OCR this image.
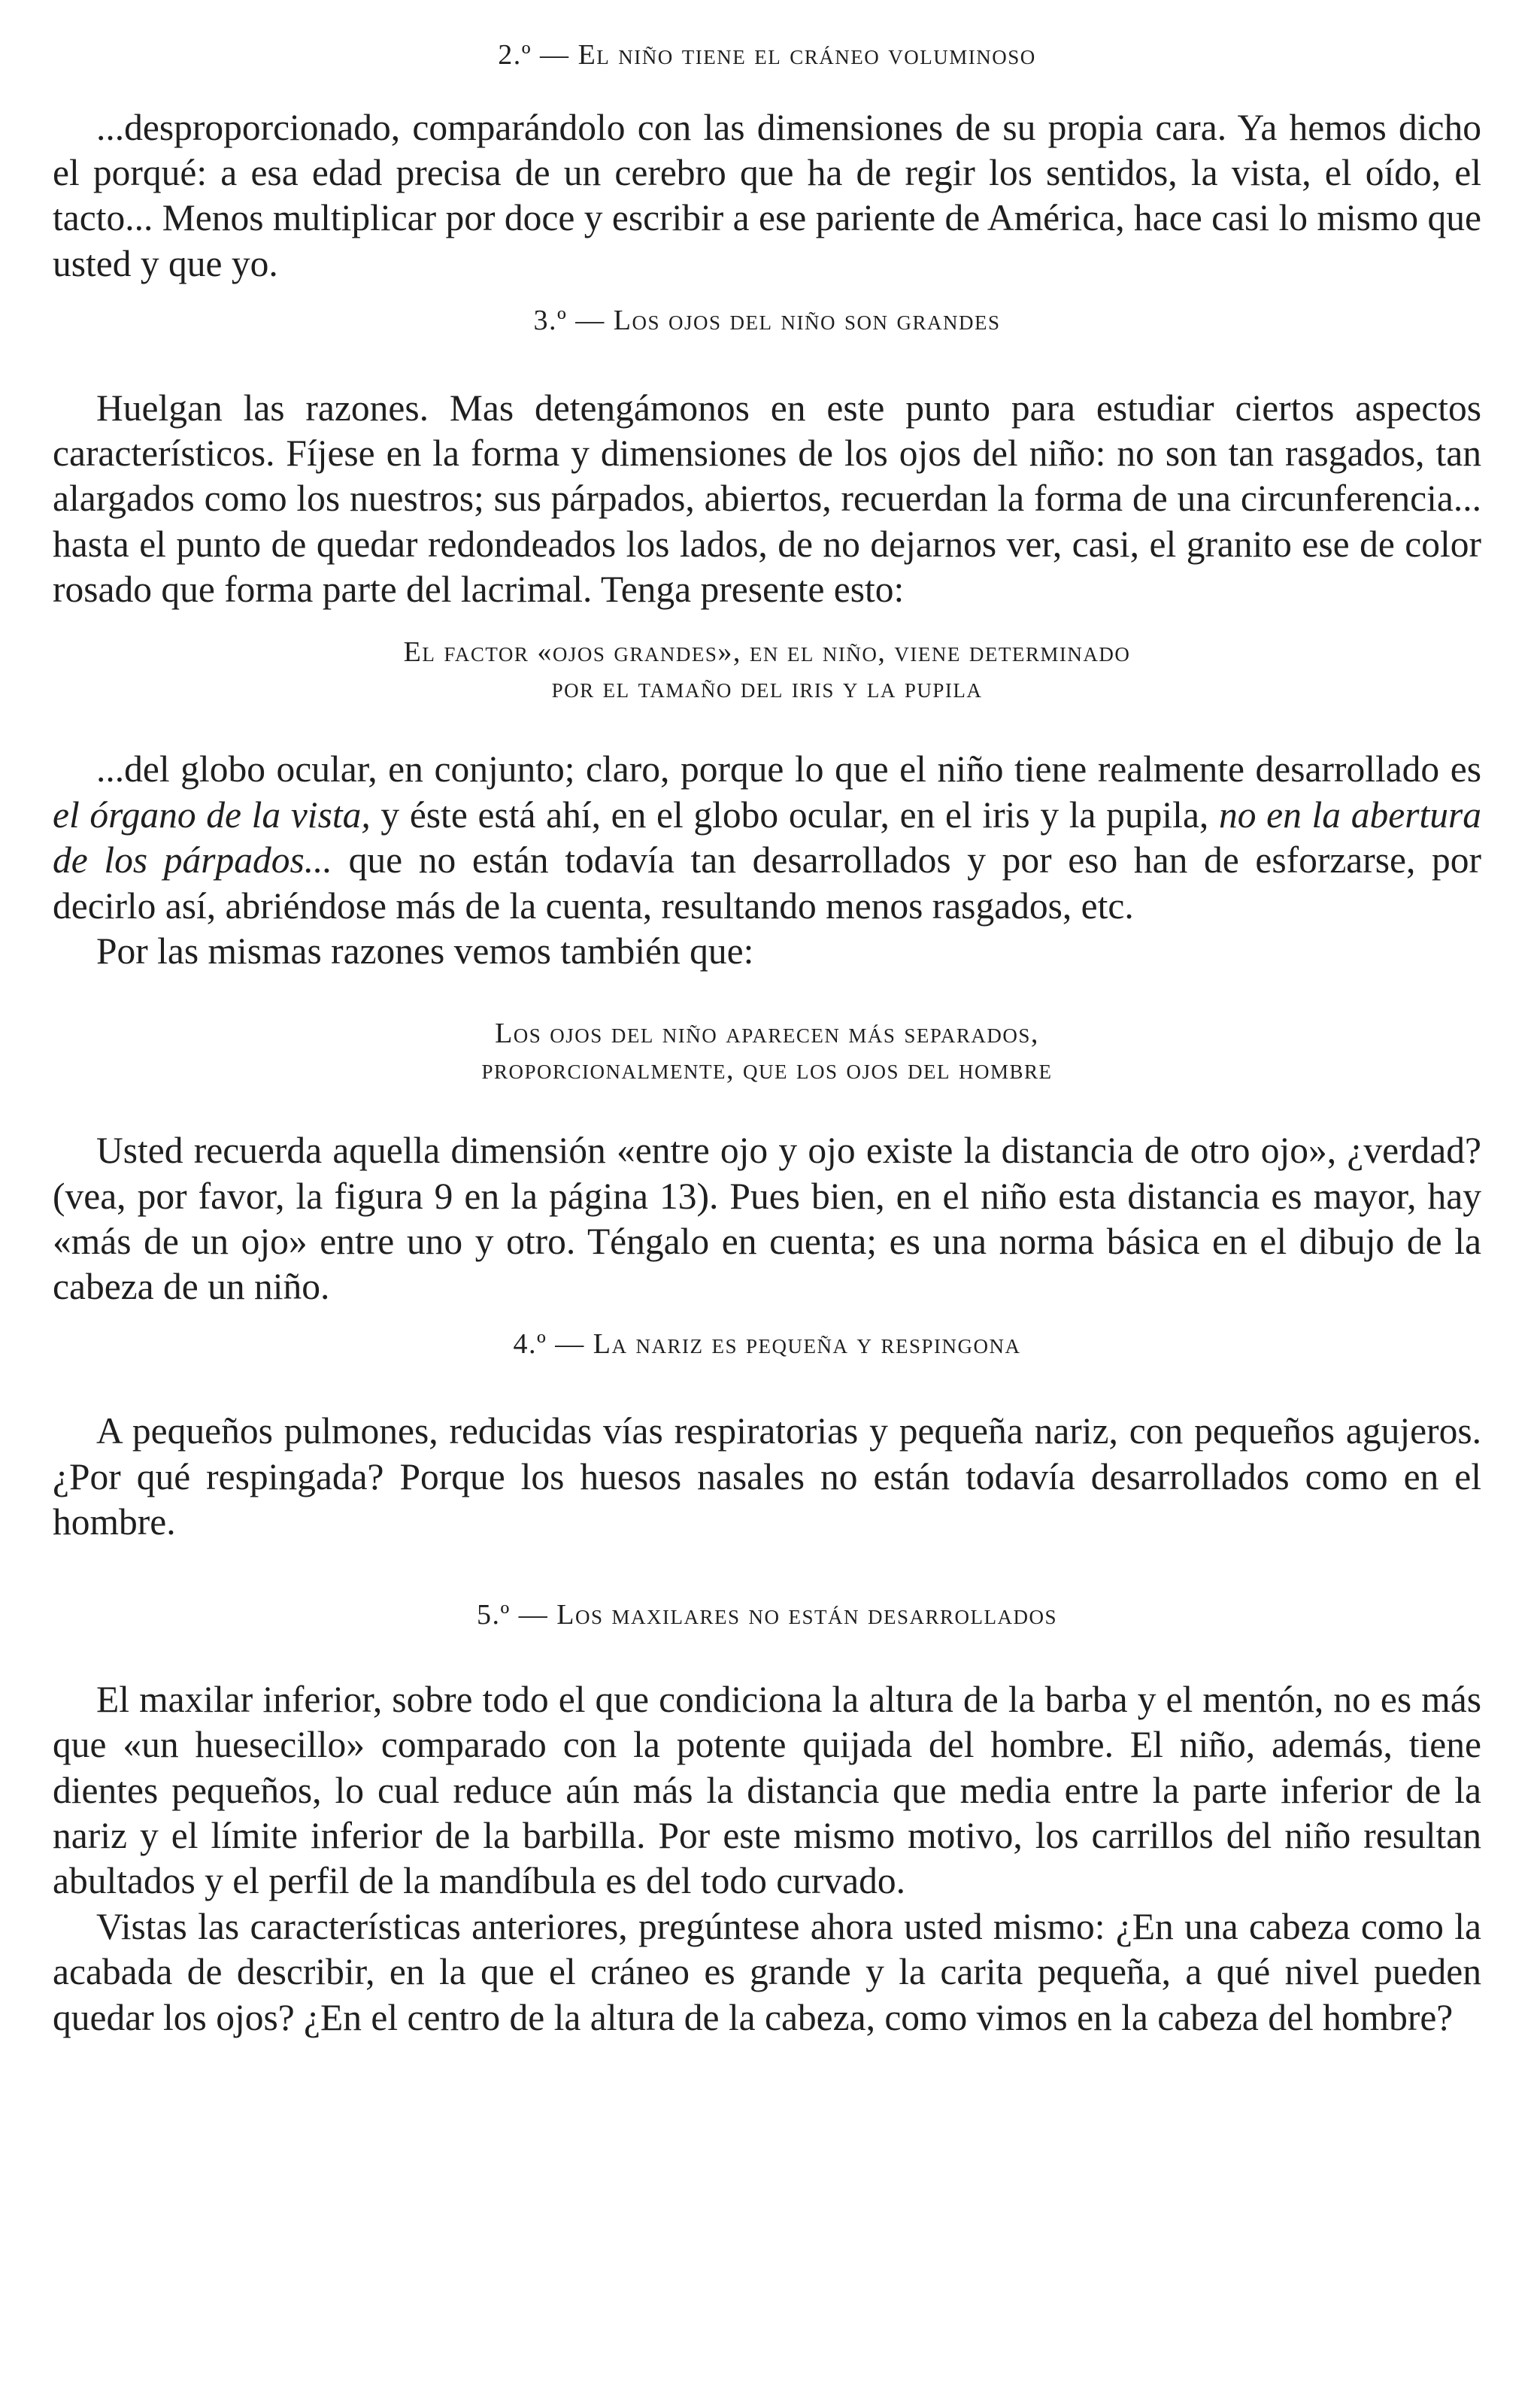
2.º — El niño tiene el cráneo voluminoso

...desproporcionado, comparándolo con las dimensiones de su propia cara. Ya hemos dicho el porqué: a esa edad precisa de un cerebro que ha de regir los sentidos, la vista, el oído, el tacto... Menos multiplicar por doce y escribir a ese pariente de América, hace casi lo mismo que usted y que yo.

3.º — Los ojos del niño son grandes

Huelgan las razones. Mas detengámonos en este punto para estudiar ciertos aspectos característicos. Fíjese en la forma y dimensiones de los ojos del niño: no son tan rasgados, tan alargados como los nuestros; sus párpados, abiertos, recuerdan la forma de una circunferencia... hasta el punto de quedar redondeados los lados, de no dejarnos ver, casi, el granito ese de color rosado que forma parte del lacrimal. Tenga presente esto:

El factor «ojos grandes», en el niño, viene determinado
por el tamaño del iris y la pupila

...del globo ocular, en conjunto; claro, porque lo que el niño tiene realmente desarrollado es el órgano de la vista, y éste está ahí, en el globo ocular, en el iris y la pupila, no en la abertura de los párpados... que no están todavía tan desarrollados y por eso han de esforzarse, por decirlo así, abriéndose más de la cuenta, resultando menos rasgados, etc.

Por las mismas razones vemos también que:

Los ojos del niño aparecen más separados,
proporcionalmente, que los ojos del hombre

Usted recuerda aquella dimensión «entre ojo y ojo existe la distancia de otro ojo», ¿verdad? (vea, por favor, la figura 9 en la página 13). Pues bien, en el niño esta distancia es mayor, hay «más de un ojo» entre uno y otro. Téngalo en cuenta; es una norma básica en el dibujo de la cabeza de un niño.

4.º — La nariz es pequeña y respingona

A pequeños pulmones, reducidas vías respiratorias y pequeña nariz, con pequeños agujeros. ¿Por qué respingada? Porque los huesos nasales no están todavía desarrollados como en el hombre.

5.º — Los maxilares no están desarrollados

El maxilar inferior, sobre todo el que condiciona la altura de la barba y el mentón, no es más que «un huesecillo» comparado con la potente quijada del hombre. El niño, además, tiene dientes pequeños, lo cual reduce aún más la distancia que media entre la parte inferior de la nariz y el límite inferior de la barbilla. Por este mismo motivo, los carrillos del niño resultan abultados y el perfil de la mandíbula es del todo curvado.

Vistas las características anteriores, pregúntese ahora usted mismo: ¿En una cabeza como la acabada de describir, en la que el cráneo es grande y la carita pequeña, a qué nivel pueden quedar los ojos? ¿En el centro de la altura de la cabeza, como vimos en la cabeza del hombre?
